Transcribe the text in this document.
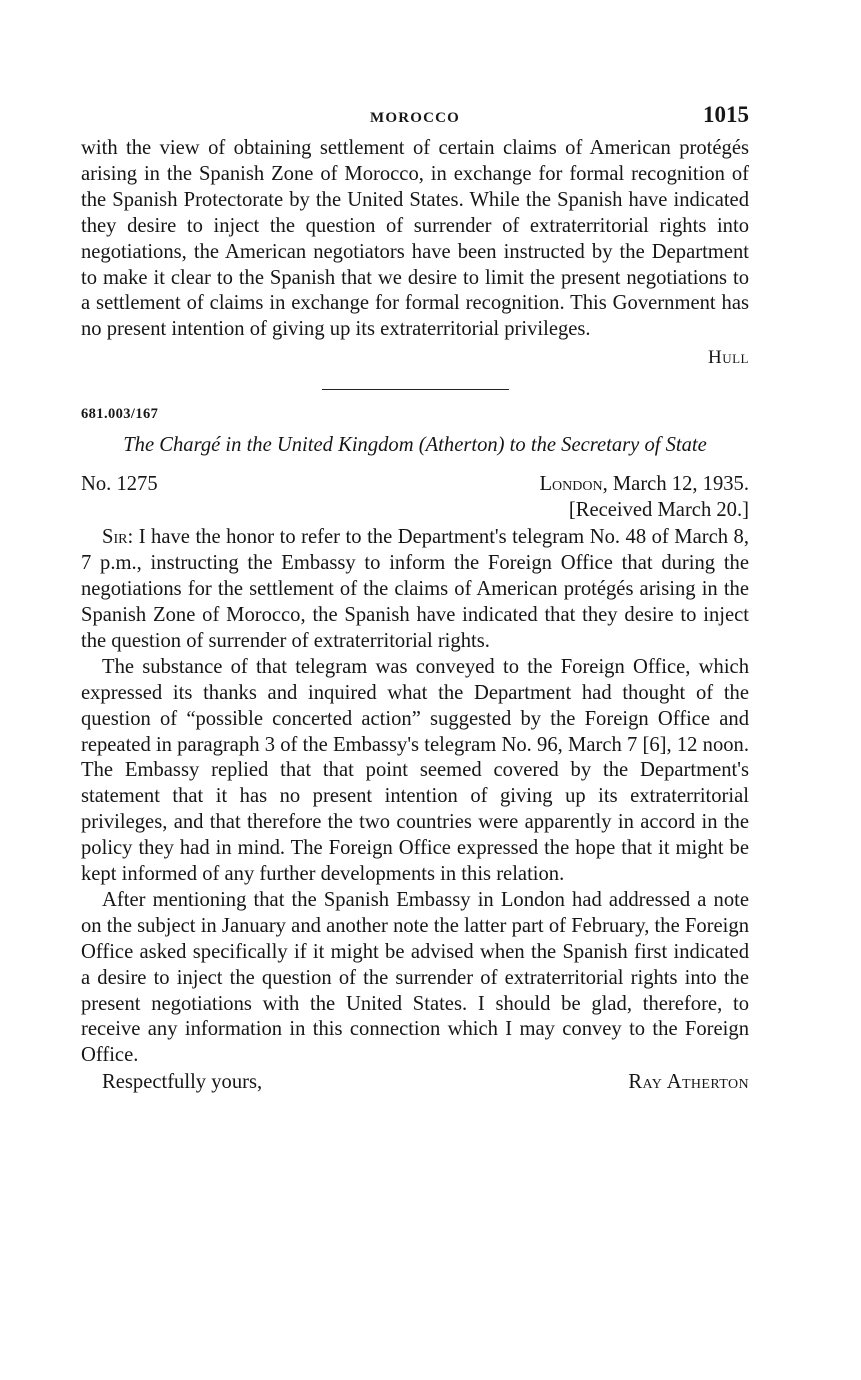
MOROCCO	1015

with the view of obtaining settlement of certain claims of American protégés arising in the Spanish Zone of Morocco, in exchange for formal recognition of the Spanish Protectorate by the United States. While the Spanish have indicated they desire to inject the question of surrender of extraterritorial rights into negotiations, the American negotiators have been instructed by the Department to make it clear to the Spanish that we desire to limit the present negotiations to a settlement of claims in exchange for formal recognition. This Government has no present intention of giving up its extraterritorial privileges.

Hull
681.003/167
The Chargé in the United Kingdom (Atherton) to the Secretary of State
No. 1275	London, March 12, 1935.
[Received March 20.]

Sir: I have the honor to refer to the Department's telegram No. 48 of March 8, 7 p.m., instructing the Embassy to inform the Foreign Office that during the negotiations for the settlement of the claims of American protégés arising in the Spanish Zone of Morocco, the Spanish have indicated that they desire to inject the question of surrender of extraterritorial rights.

The substance of that telegram was conveyed to the Foreign Office, which expressed its thanks and inquired what the Department had thought of the question of “possible concerted action” suggested by the Foreign Office and repeated in paragraph 3 of the Embassy's telegram No. 96, March 7 [6], 12 noon. The Embassy replied that that point seemed covered by the Department's statement that it has no present intention of giving up its extraterritorial privileges, and that therefore the two countries were apparently in accord in the policy they had in mind. The Foreign Office expressed the hope that it might be kept informed of any further developments in this relation.

After mentioning that the Spanish Embassy in London had addressed a note on the subject in January and another note the latter part of February, the Foreign Office asked specifically if it might be advised when the Spanish first indicated a desire to inject the question of the surrender of extraterritorial rights into the present negotiations with the United States. I should be glad, therefore, to receive any information in this connection which I may convey to the Foreign Office.

Respectfully yours,	Ray Atherton
